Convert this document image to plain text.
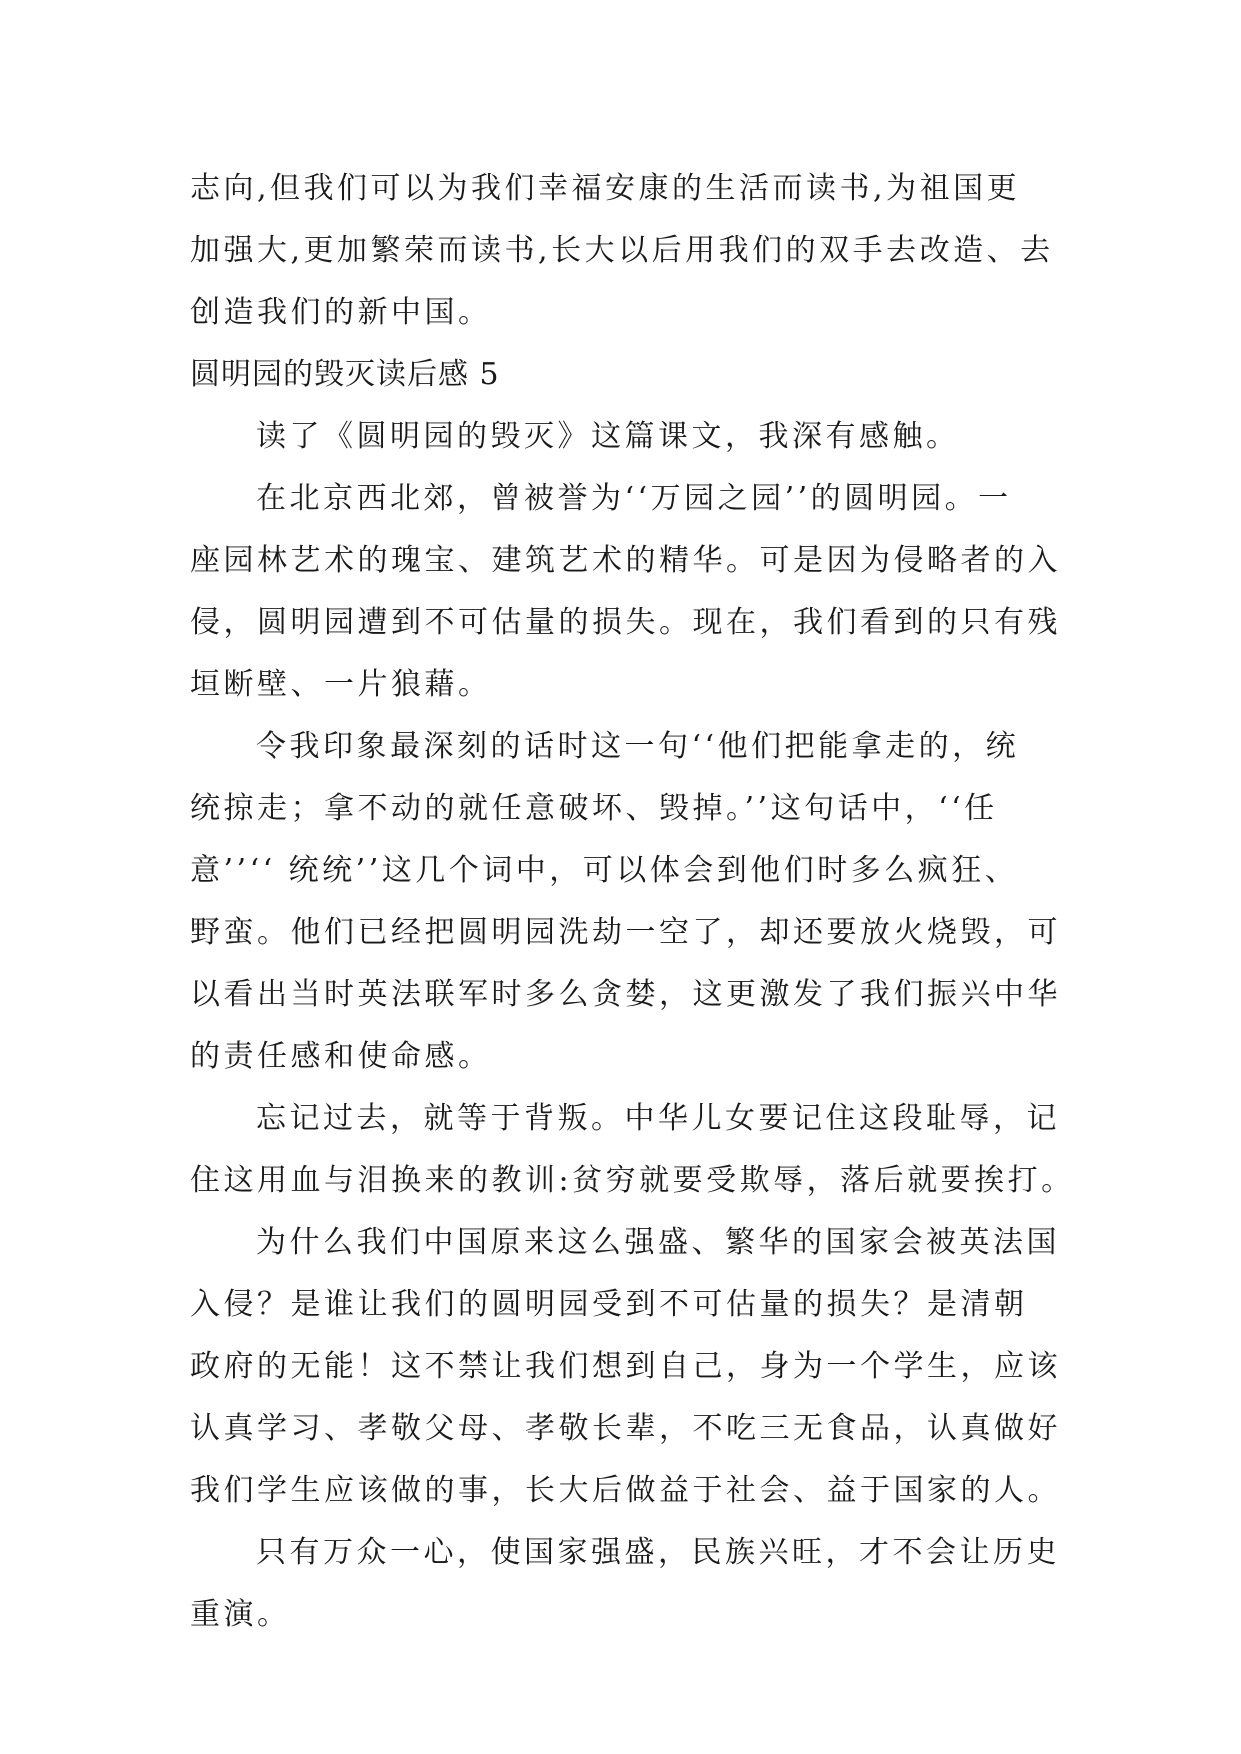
志向,但我们可以为我们幸福安康的生活而读书,为祖国更
加强大,更加繁荣而读书,长大以后用我们的双手去改造、去
创造我们的新中国。
圆明园的毁灭读后感 5
读了《圆明园的毁灭》这篇课文，我深有感触。
在北京西北郊，曾被誉为‘‘万园之园’’的圆明园。一
座园林艺术的瑰宝、建筑艺术的精华。可是因为侵略者的入
侵，圆明园遭到不可估量的损失。现在，我们看到的只有残
垣断壁、一片狼藉。
令我印象最深刻的话时这一句‘‘他们把能拿走的，统
统掠走；拿不动的就任意破坏、毁掉。’’这句话中，‘‘任
意’’‘‘ 统统’’这几个词中，可以体会到他们时多么疯狂、
野蛮。他们已经把圆明园洗劫一空了，却还要放火烧毁，可
以看出当时英法联军时多么贪婪，这更激发了我们振兴中华
的责任感和使命感。
忘记过去，就等于背叛。中华儿女要记住这段耻辱，记
住这用血与泪换来的教训:贫穷就要受欺辱，落后就要挨打。
为什么我们中国原来这么强盛、繁华的国家会被英法国
入侵？是谁让我们的圆明园受到不可估量的损失？是清朝
政府的无能！这不禁让我们想到自己，身为一个学生，应该
认真学习、孝敬父母、孝敬长辈，不吃三无食品，认真做好
我们学生应该做的事，长大后做益于社会、益于国家的人。
只有万众一心，使国家强盛，民族兴旺，才不会让历史
重演。
